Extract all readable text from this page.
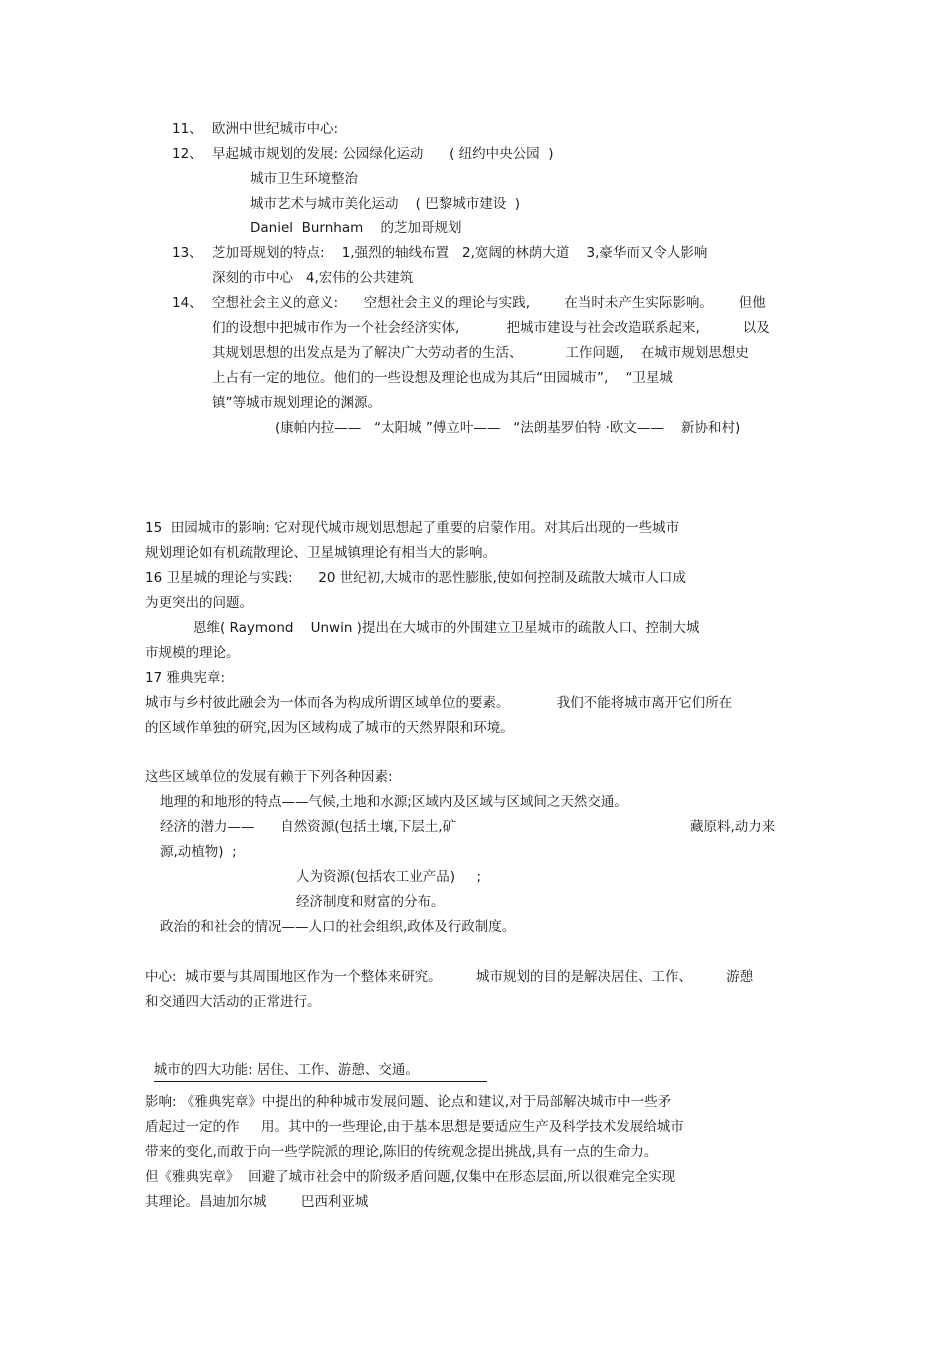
11、 欧洲中世纪城市中心:
12、 早起城市规划的发展: 公园绿化运动      ( 纽约中央公园  )
城市卫生环境整治
城市艺术与城市美化运动    ( 巴黎城市建设  )
Daniel  Burnham    的芝加哥规划
13、 芝加哥规划的特点:    1,强烈的轴线布置   2,宽阔的林荫大道    3,豪华而又令人影响
深刻的市中心   4,宏伟的公共建筑
14、 空想社会主义的意义:      空想社会主义的理论与实践,        在当时未产生实际影响。      但他
们的设想中把城市作为一个社会经济实体,           把城市建设与社会改造联系起来,          以及
其规划思想的出发点是为了解决广大劳动者的生活、          工作问题,    在城市规划思想史
上占有一定的地位。他们的一些设想及理论也成为其后“田园城市”,    “卫星城
镇”等城市规划理论的渊源。
(康帕内拉——   “太阳城 ”傅立叶——   “法朗基罗伯特 ·欧文——    新协和村)
15  田园城市的影响: 它对现代城市规划思想起了重要的启蒙作用。对其后出现的一些城市
规划理论如有机疏散理论、卫星城镇理论有相当大的影响。
16 卫星城的理论与实践:      20 世纪初,大城市的恶性膨胀,使如何控制及疏散大城市人口成
为更突出的问题。
恩维( Raymond    Unwin )提出在大城市的外围建立卫星城市的疏散人口、控制大城
市规模的理论。
17 雅典宪章:
城市与乡村彼此融会为一体而各为构成所谓区域单位的要素。           我们不能将城市离开它们所在
的区域作单独的研究,因为区域构成了城市的天然界限和环境。
这些区域单位的发展有赖于下列各种因素:
地理的和地形的特点——气候,土地和水源;区域内及区域与区域间之天然交通。
经济的潜力——      自然资源(包括土壤,下层土,矿	藏原料,动力来
源,动植物)  ;
人为资源(包括农工业产品)     ;
经济制度和财富的分布。
政治的和社会的情况——人口的社会组织,政体及行政制度。
中心:  城市要与其周围地区作为一个整体来研究。        城市规划的目的是解决居住、工作、        游憩
和交通四大活动的正常进行。

城市的四大功能: 居住、工作、游憩、交通。

影响: 《雅典宪章》中提出的种种城市发展问题、论点和建议,对于局部解决城市中一些矛
盾起过一定的作     用。其中的一些理论,由于基本思想是要适应生产及科学技术发展给城市
带来的变化,而敢于向一些学院派的理论,陈旧的传统观念提出挑战,具有一点的生命力。
但《雅典宪章》  回避了城市社会中的阶级矛盾问题,仅集中在形态层面,所以很难完全实现
其理论。昌迪加尔城        巴西利亚城
